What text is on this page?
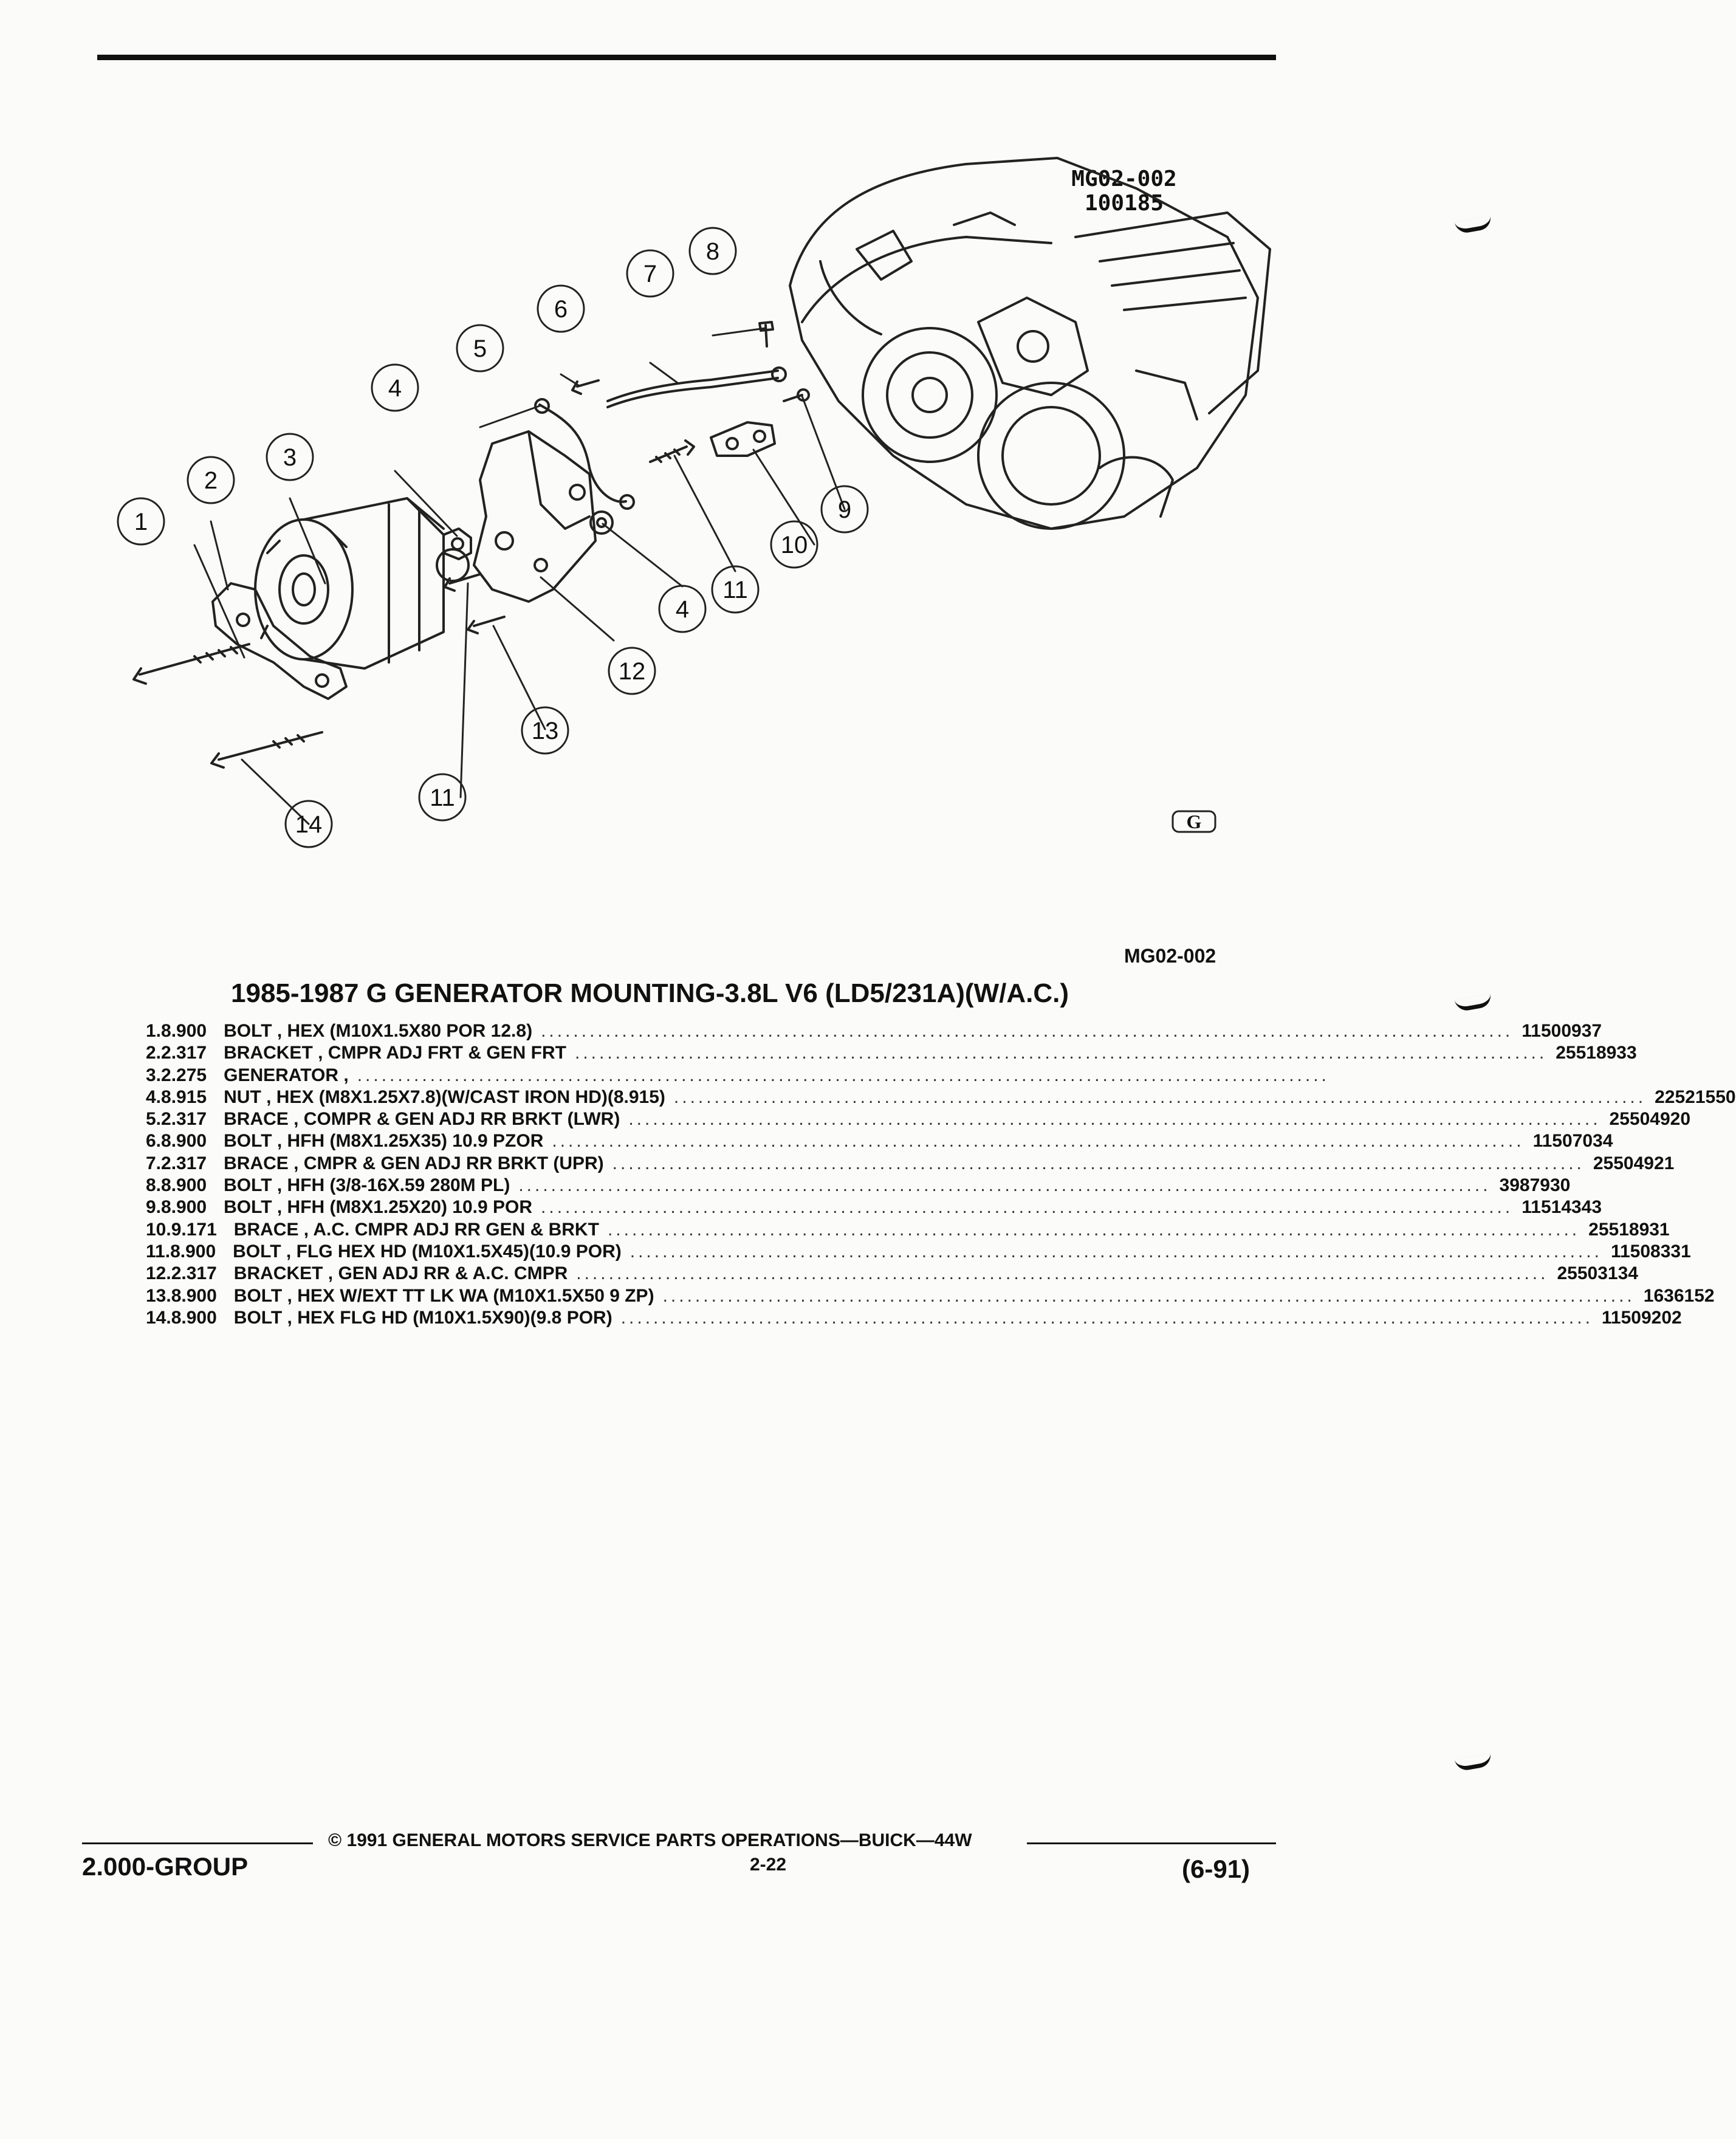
MG02-002
100185
1
2
3
4
5
6
7
8
9
10
11
4
12
13
11
14	G
MG02-002
1985-1987 G GENERATOR MOUNTING-3.8L V6 (LD5/231A)(W/A.C.)
1. 8.900 BOLT , HEX (M10X1.5X80 POR 12.8) ........................................................................................................................ 11500937
2. 2.317 BRACKET , CMPR ADJ FRT & GEN FRT ........................................................................................................................ 25518933
3. 2.275 GENERATOR , ........................................................................................................................
4. 8.915 NUT , HEX (M8X1.25X7.8)(W/CAST IRON HD)(8.915) ........................................................................................................................ 22521550
5. 2.317 BRACE , COMPR & GEN ADJ RR BRKT (LWR) ........................................................................................................................ 25504920
6. 8.900 BOLT , HFH (M8X1.25X35) 10.9 PZOR ........................................................................................................................ 11507034
7. 2.317 BRACE , CMPR & GEN ADJ RR BRKT (UPR) ........................................................................................................................ 25504921
8. 8.900 BOLT , HFH (3/8-16X.59 280M PL) ........................................................................................................................ 3987930
9. 8.900 BOLT , HFH (M8X1.25X20) 10.9 POR ........................................................................................................................ 11514343
10. 9.171 BRACE , A.C. CMPR ADJ RR GEN & BRKT ........................................................................................................................ 25518931
11. 8.900 BOLT , FLG HEX HD (M10X1.5X45)(10.9 POR) ........................................................................................................................ 11508331
12. 2.317 BRACKET , GEN ADJ RR & A.C. CMPR ........................................................................................................................ 25503134
13. 8.900 BOLT , HEX W/EXT TT LK WA (M10X1.5X50 9 ZP) ........................................................................................................................ 1636152
14. 8.900 BOLT , HEX FLG HD (M10X1.5X90)(9.8 POR) ........................................................................................................................ 11509202
© 1991 GENERAL MOTORS SERVICE PARTS OPERATIONS—BUICK—44W
2-22
2.000-GROUP	(6-91)
